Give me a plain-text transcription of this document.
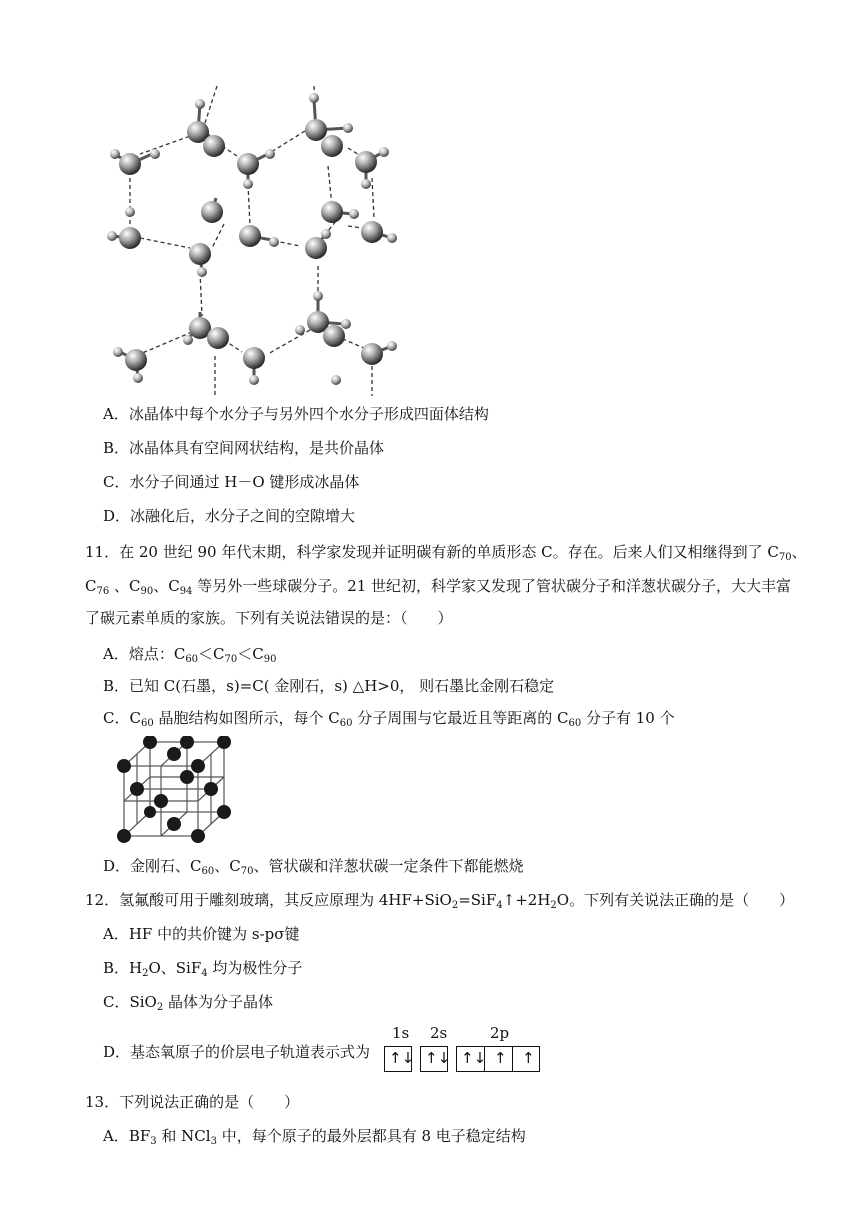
A．冰晶体中每个水分子与另外四个水分子形成四面体结构
B．冰晶体具有空间网状结构，是共价晶体
C．水分子间通过 H－O 键形成冰晶体
D．冰融化后，水分子之间的空隙增大
11．在 20 世纪 90 年代末期，科学家发现并证明碳有新的单质形态 C。存在。后来人们又相继得到了 $C_{70}$、
$C_{76}$ 、$C_{90}$、$C_{94}$ 等另外一些球碳分子。21 世纪初，科学家又发现了管状碳分子和洋葱状碳分子，大大丰富
了碳元素单质的家族。下列有关说法错误的是：（　　）
A．熔点：$C_{60}<C_{70}<C_{90}$
B．已知 C(石墨，s)=C( 金刚石，s) △H>0， 则石墨比金刚石稳定
C．$C_{60}$ 晶胞结构如图所示，每个 $C_{60}$ 分子周围与它最近且等距离的 $C_{60}$ 分子有 10 个
D．金刚石、$C_{60}$、$C_{70}$、管状碳和洋葱状碳一定条件下都能燃烧
12．氢氟酸可用于雕刻玻璃，其反应原理为 $4HF+SiO_2=SiF_4↑+2H_2O$。下列有关说法正确的是（　　）
A．HF 中的共价键为 s-pσ键
B．$H_2O$、SiF$_4$ 均为极性分子
C．SiO$_2$ 晶体为分子晶体
D．基态氧原子的价层电子轨道表示式为
1s 2s	2p
↑↓ ↑↓ ↑↓ ↑ ↑
13．下列说法正确的是（　　）
A．$BF_3$ 和 NCl$_3$ 中，每个原子的最外层都具有 8 电子稳定结构
